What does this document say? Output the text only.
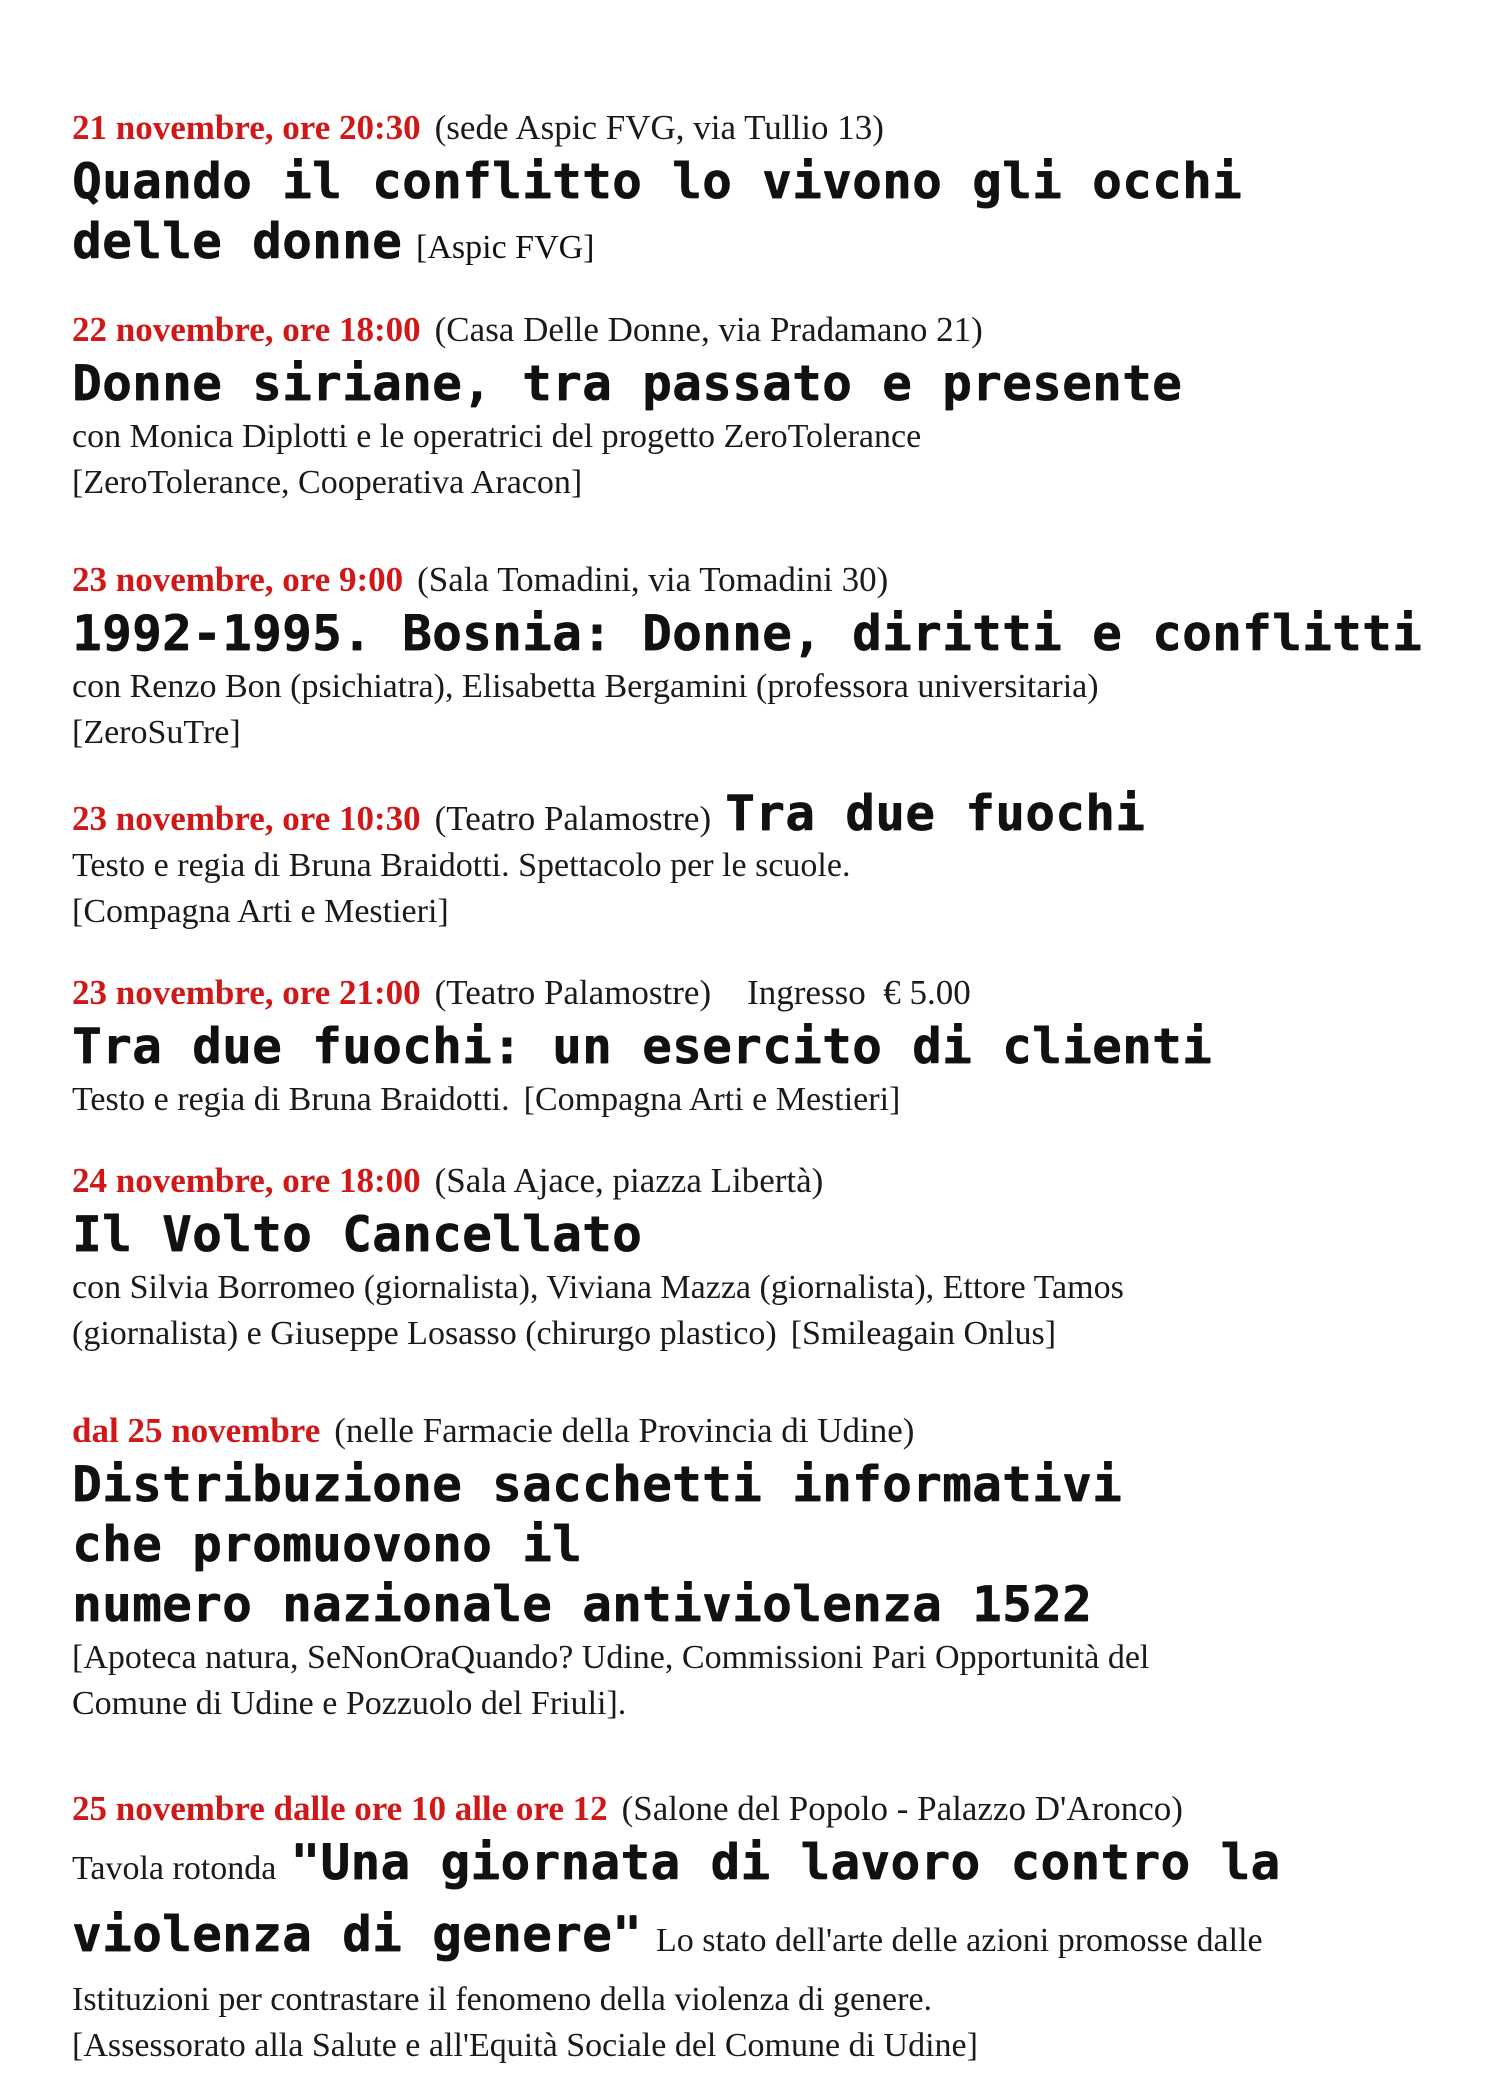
21 novembre, ore 20:30 (sede Aspic FVG, via Tullio 13)
Quando il conflitto lo vivono gli occhi
delle donne [Aspic FVG]
22 novembre, ore 18:00 (Casa Delle Donne, via Pradamano 21)
Donne siriane, tra passato e presente
con Monica Diplotti e le operatrici del progetto ZeroTolerance
[ZeroTolerance, Cooperativa Aracon]
23 novembre, ore 9:00 (Sala Tomadini, via Tomadini 30)
1992-1995. Bosnia: Donne, diritti e conflitti
con Renzo Bon (psichiatra), Elisabetta Bergamini (professora universitaria)
[ZeroSuTre]
23 novembre, ore 10:30 (Teatro Palamostre) Tra due fuochi
Testo e regia di Bruna Braidotti. Spettacolo per le scuole.
[Compagna Arti e Mestieri]
23 novembre, ore 21:00 (Teatro Palamostre) Ingresso  € 5.00
Tra due fuochi: un esercito di clienti
Testo e regia di Bruna Braidotti. [Compagna Arti e Mestieri]
24 novembre, ore 18:00 (Sala Ajace, piazza Libertà)
Il Volto Cancellato
con Silvia Borromeo (giornalista), Viviana Mazza (giornalista), Ettore Tamos
(giornalista) e Giuseppe Losasso (chirurgo plastico) [Smileagain Onlus]
dal 25 novembre (nelle Farmacie della Provincia di Udine)
Distribuzione sacchetti informativi
che promuovono il
numero nazionale antiviolenza 1522
[Apoteca natura, SeNonOraQuando? Udine, Commissioni Pari Opportunità del
Comune di Udine e Pozzuolo del Friuli].
25 novembre dalle ore 10 alle ore 12 (Salone del Popolo - Palazzo D'Aronco)
Tavola rotonda "Una giornata di lavoro contro la
violenza di genere" Lo stato dell'arte delle azioni promosse dalle
Istituzioni per contrastare il fenomeno della violenza di genere.
[Assessorato alla Salute e all'Equità Sociale del Comune di Udine]
